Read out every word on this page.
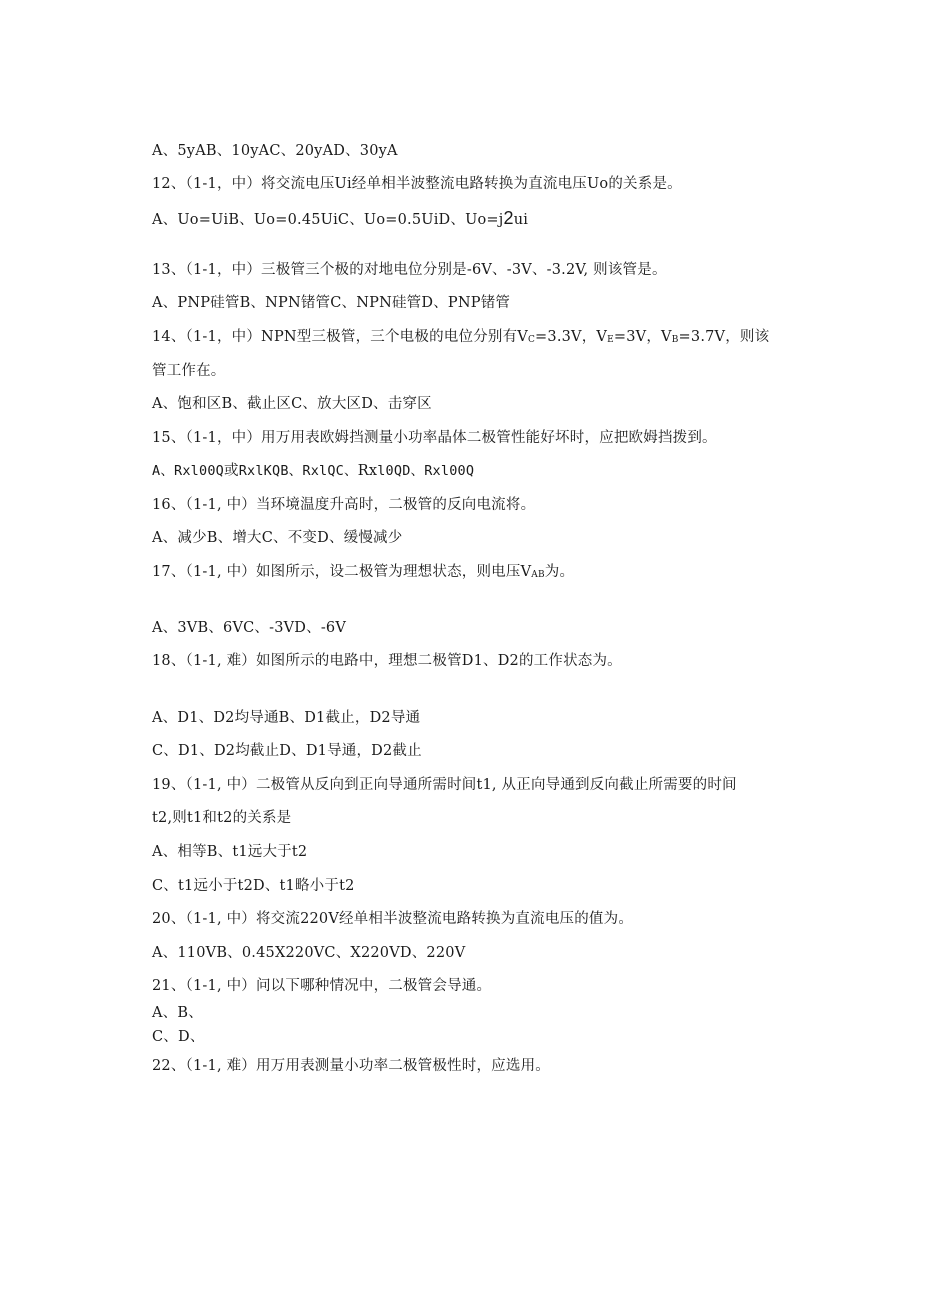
A、5yAB、10yAC、20yAD、30yA
12、（1-1，中）将交流电压Ui经单相半波整流电路转换为直流电压Uo的关系是。
A、Uo=UiB、Uo=0.45UiC、Uo=0.5UiD、Uo=j2ui
13、（1-1，中）三极管三个极的对地电位分别是-6V、-3V、-3.2V, 则该管是。
A、PNP硅管B、NPN锗管C、NPN硅管D、PNP锗管
14、（1-1，中）NPN型三极管，三个电极的电位分别有VC=3.3V，VE=3V，VB=3.7V，则该
管工作在。
A、饱和区B、截止区C、放大区D、击穿区
15、（1-1，中）用万用表欧姆挡测量小功率晶体二极管性能好坏时，应把欧姆挡拨到。
A、Rxl00Q或RxlKQB、RxlQC、Rxl0QD、Rxl00Q
16、（1-1, 中）当环境温度升高时，二极管的反向电流将。
A、减少B、增大C、不变D、缓慢减少
17、（1-1, 中）如图所示，设二极管为理想状态，则电压VAB为。
A、3VB、6VC、-3VD、-6V
18、（1-1, 难）如图所示的电路中，理想二极管D1、D2的工作状态为。
A、D1、D2均导通B、D1截止，D2导通
C、D1、D2均截止D、D1导通，D2截止
19、（1-1, 中）二极管从反向到正向导通所需时间t1, 从正向导通到反向截止所需要的时间
t2,则t1和t2的关系是
A、相等B、t1远大于t2
C、t1远小于t2D、t1略小于t2
20、（1-1, 中）将交流220V经单相半波整流电路转换为直流电压的值为。
A、110VB、0.45X220VC、X220VD、220V
21、（1-1, 中）问以下哪种情况中，二极管会导通。
A、B、
C、D、
22、（1-1, 难）用万用表测量小功率二极管极性时，应选用。
